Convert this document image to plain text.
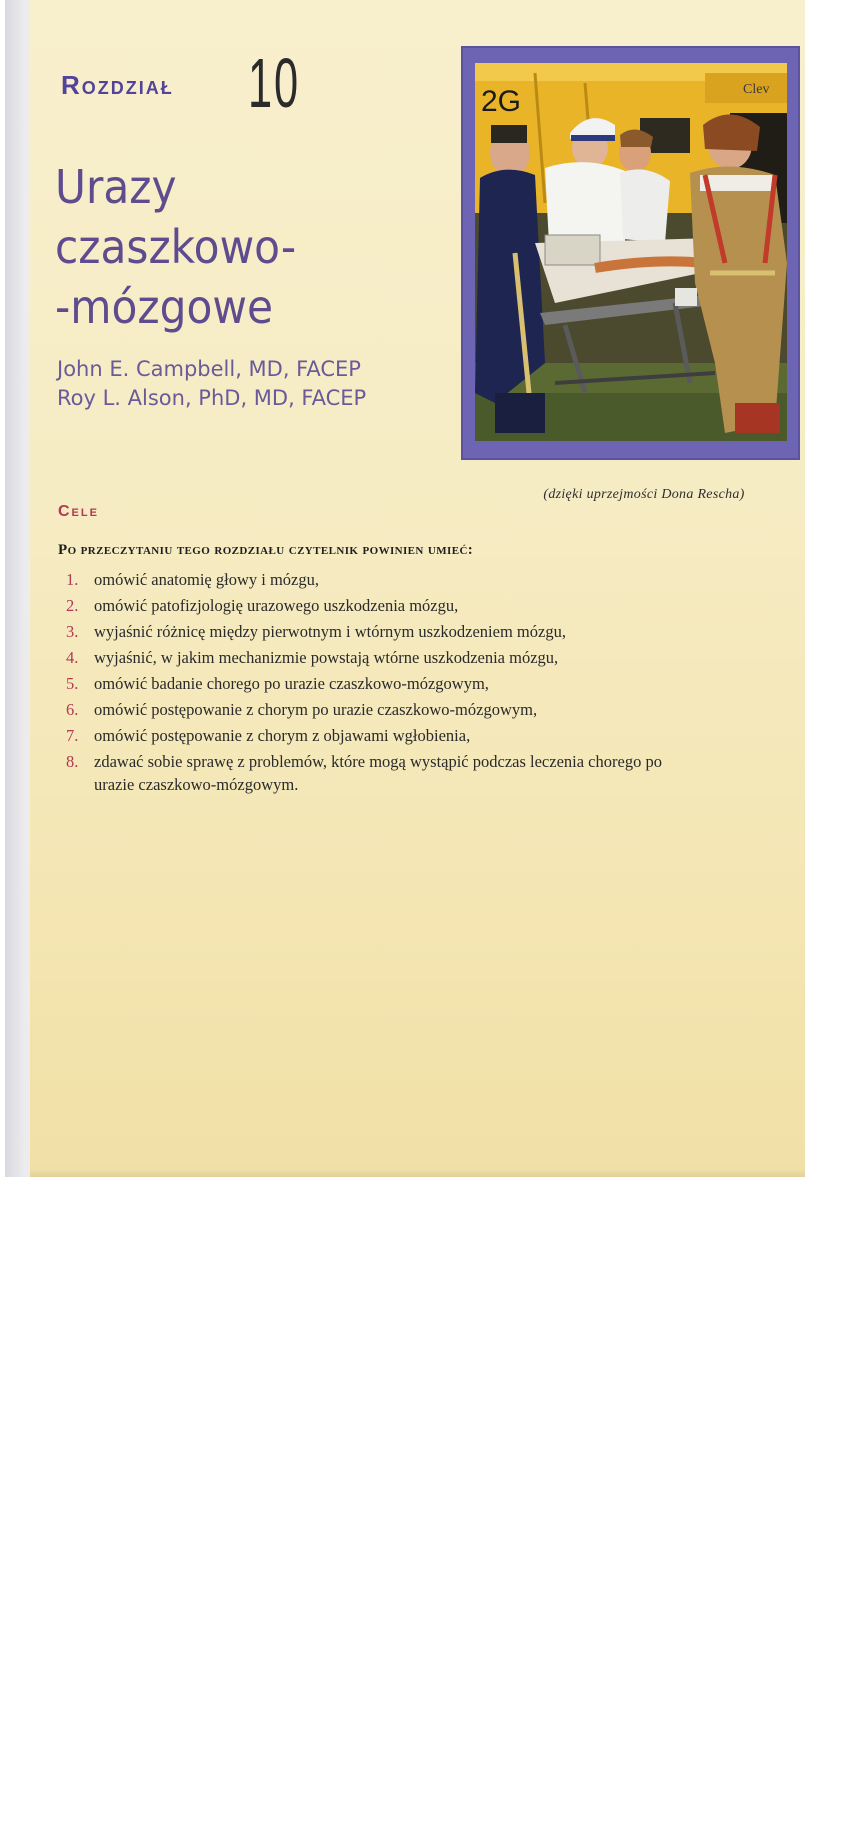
Rozdział 10
Urazy
czaszkowo-
-mózgowe
John E. Campbell, MD, FACEP
Roy L. Alson, PhD, MD, FACEP
2G	Clev
(dzięki uprzejmości Dona Rescha)
Cele
Po przeczytaniu tego rozdziału czytelnik powinien umieć:
1. omówić anatomię głowy i mózgu,
2. omówić patofizjologię urazowego uszkodzenia mózgu,
3. wyjaśnić różnicę między pierwotnym i wtórnym uszkodzeniem mózgu,
4. wyjaśnić, w jakim mechanizmie powstają wtórne uszkodzenia mózgu,
5. omówić badanie chorego po urazie czaszkowo-mózgowym,
6. omówić postępowanie z chorym po urazie czaszkowo-mózgowym,
7. omówić postępowanie z chorym z objawami wgłobienia,
8. zdawać sobie sprawę z problemów, które mogą wystąpić podczas leczenia chorego po urazie czaszkowo-mózgowym.
